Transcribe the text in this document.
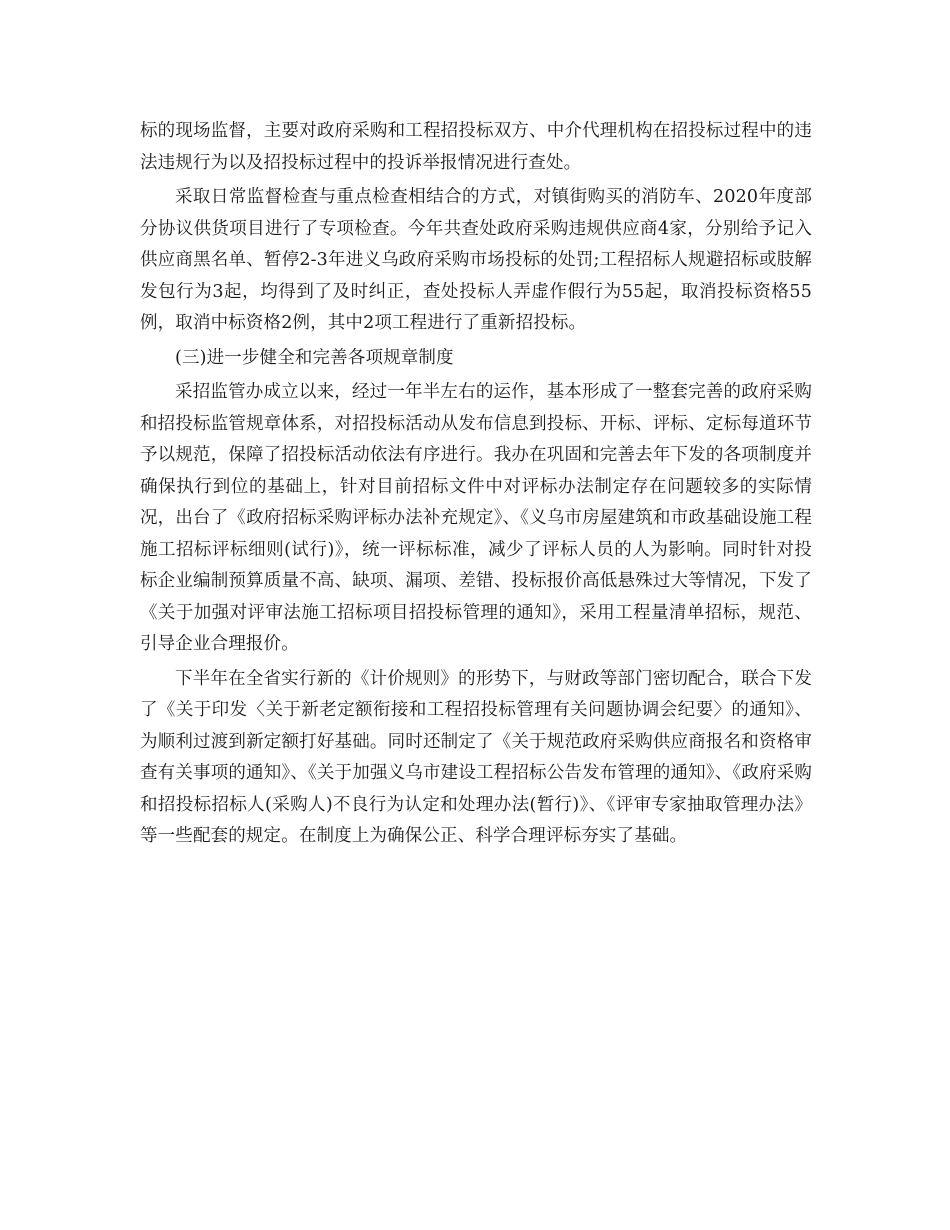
标的现场监督，主要对政府采购和工程招投标双方、中介代理机构在招投标过程中的违法违规行为以及招投标过程中的投诉举报情况进行查处。

采取日常监督检查与重点检查相结合的方式，对镇街购买的消防车、2020年度部分协议供货项目进行了专项检查。今年共查处政府采购违规供应商4家，分别给予记入供应商黑名单、暂停2-3年进义乌政府采购市场投标的处罚;工程招标人规避招标或肢解发包行为3起，均得到了及时纠正，查处投标人弄虚作假行为55起，取消投标资格55 例，取消中标资格2例，其中2项工程进行了重新招投标。

(三)进一步健全和完善各项规章制度

采招监管办成立以来，经过一年半左右的运作，基本形成了一整套完善的政府采购和招投标监管规章体系，对招投标活动从发布信息到投标、开标、评标、定标每道环节予以规范，保障了招投标活动依法有序进行。我办在巩固和完善去年下发的各项制度并确保执行到位的基础上，针对目前招标文件中对评标办法制定存在问题较多的实际情况，出台了《政府招标采购评标办法补充规定》、《义乌市房屋建筑和市政基础设施工程施工招标评标细则(试行)》，统一评标标准，减少了评标人员的人为影响。同时针对投标企业编制预算质量不高、缺项、漏项、差错、投标报价高低悬殊过大等情况，下发了《关于加强对评审法施工招标项目招投标管理的通知》，采用工程量清单招标，规范、引导企业合理报价。

下半年在全省实行新的《计价规则》的形势下，与财政等部门密切配合，联合下发了《关于印发〈关于新老定额衔接和工程招投标管理有关问题协调会纪要〉的通知》、为顺利过渡到新定额打好基础。同时还制定了《关于规范政府采购供应商报名和资格审查有关事项的通知》、《关于加强义乌市建设工程招标公告发布管理的通知》、《政府采购和招投标招标人(采购人)不良行为认定和处理办法(暂行)》、《评审专家抽取管理办法》等一些配套的规定。在制度上为确保公正、科学合理评标夯实了基础。
